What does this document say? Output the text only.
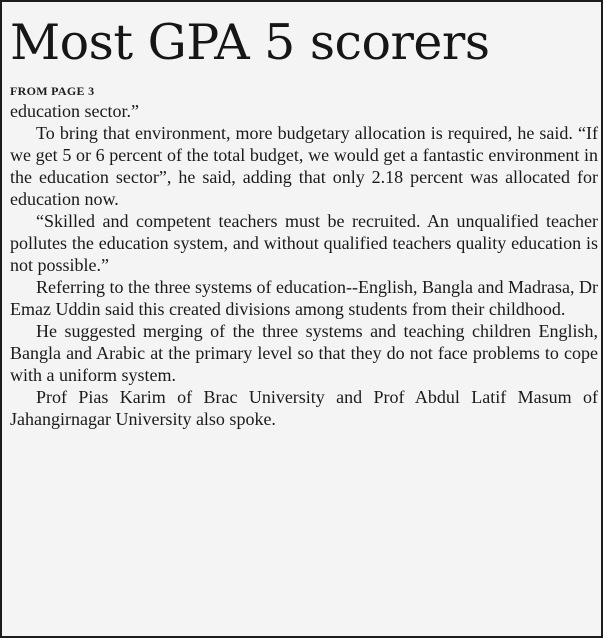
Most GPA 5 scorers
FROM PAGE 3

education sector.”

To bring that environment, more budgetary allocation is required, he said. “If we get 5 or 6 percent of the total budget, we would get a fantastic environment in the education sector”, he said, adding that only 2.18 percent was allocated for education now.

“Skilled and competent teachers must be recruited. An unqualified teacher pollutes the education system, and without qualified teachers quality education is not possible.”

Referring to the three systems of education--English, Bangla and Madrasa, Dr Emaz Uddin said this created divisions among students from their childhood.

He suggested merging of the three systems and teaching children English, Bangla and Arabic at the primary level so that they do not face problems to cope with a uniform system.

Prof Pias Karim of Brac University and Prof Abdul Latif Masum of Jahangirnagar University also spoke.
